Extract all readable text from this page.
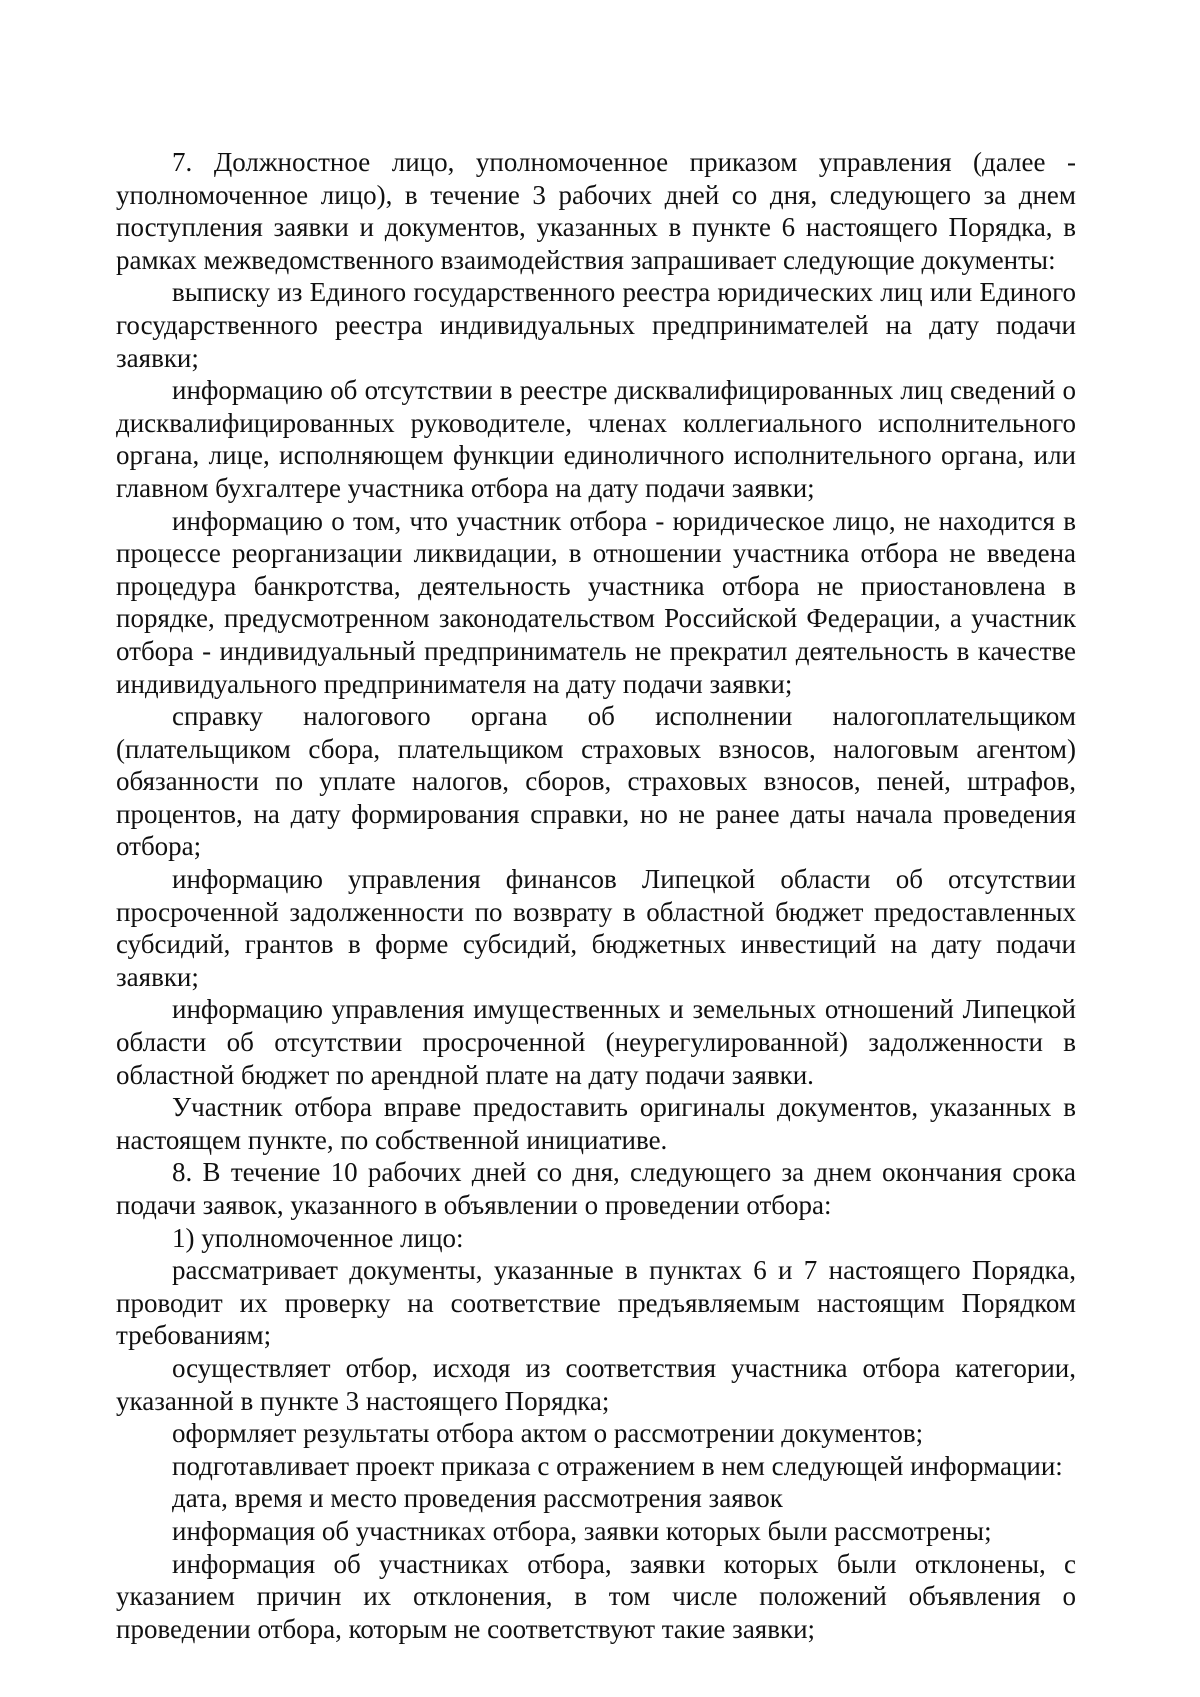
7. Должностное лицо, уполномоченное приказом управления (далее - уполномоченное лицо), в течение 3 рабочих дней со дня, следующего за днем поступления заявки и документов, указанных в пункте 6 настоящего Порядка, в рамках межведомственного взаимодействия запрашивает следующие документы:

выписку из Единого государственного реестра юридических лиц или Единого государственного реестра индивидуальных предпринимателей на дату подачи заявки;

информацию об отсутствии в реестре дисквалифицированных лиц сведений о дисквалифицированных руководителе, членах коллегиального исполнительного органа, лице, исполняющем функции единоличного исполнительного органа, или главном бухгалтере участника отбора на дату подачи заявки;

информацию о том, что участник отбора - юридическое лицо, не находится в процессе реорганизации ликвидации, в отношении участника отбора не введена процедура банкротства, деятельность участника отбора не приостановлена в порядке, предусмотренном законодательством Российской Федерации, а участник отбора - индивидуальный предприниматель не прекратил деятельность в качестве индивидуального предпринимателя на дату подачи заявки;

справку налогового органа об исполнении налогоплательщиком (плательщиком сбора, плательщиком страховых взносов, налоговым агентом) обязанности по уплате налогов, сборов, страховых взносов, пеней, штрафов, процентов, на дату формирования справки, но не ранее даты начала проведения отбора;

информацию управления финансов Липецкой области об отсутствии просроченной задолженности по возврату в областной бюджет предоставленных субсидий, грантов в форме субсидий, бюджетных инвестиций на дату подачи заявки;

информацию управления имущественных и земельных отношений Липецкой области об отсутствии просроченной (неурегулированной) задолженности в областной бюджет по арендной плате на дату подачи заявки.

Участник отбора вправе предоставить оригиналы документов, указанных в настоящем пункте, по собственной инициативе.

8. В течение 10 рабочих дней со дня, следующего за днем окончания срока подачи заявок, указанного в объявлении о проведении отбора:

1) уполномоченное лицо:

рассматривает документы, указанные в пунктах 6 и 7 настоящего Порядка, проводит их проверку на соответствие предъявляемым настоящим Порядком требованиям;

осуществляет отбор, исходя из соответствия участника отбора категории, указанной в пункте 3 настоящего Порядка;

оформляет результаты отбора актом о рассмотрении документов;

подготавливает проект приказа с отражением в нем следующей информации:

дата, время и место проведения рассмотрения заявок

информация об участниках отбора, заявки которых были рассмотрены;

информация об участниках отбора, заявки которых были отклонены, с указанием причин их отклонения, в том числе положений объявления о проведении отбора, которым не соответствуют такие заявки;
